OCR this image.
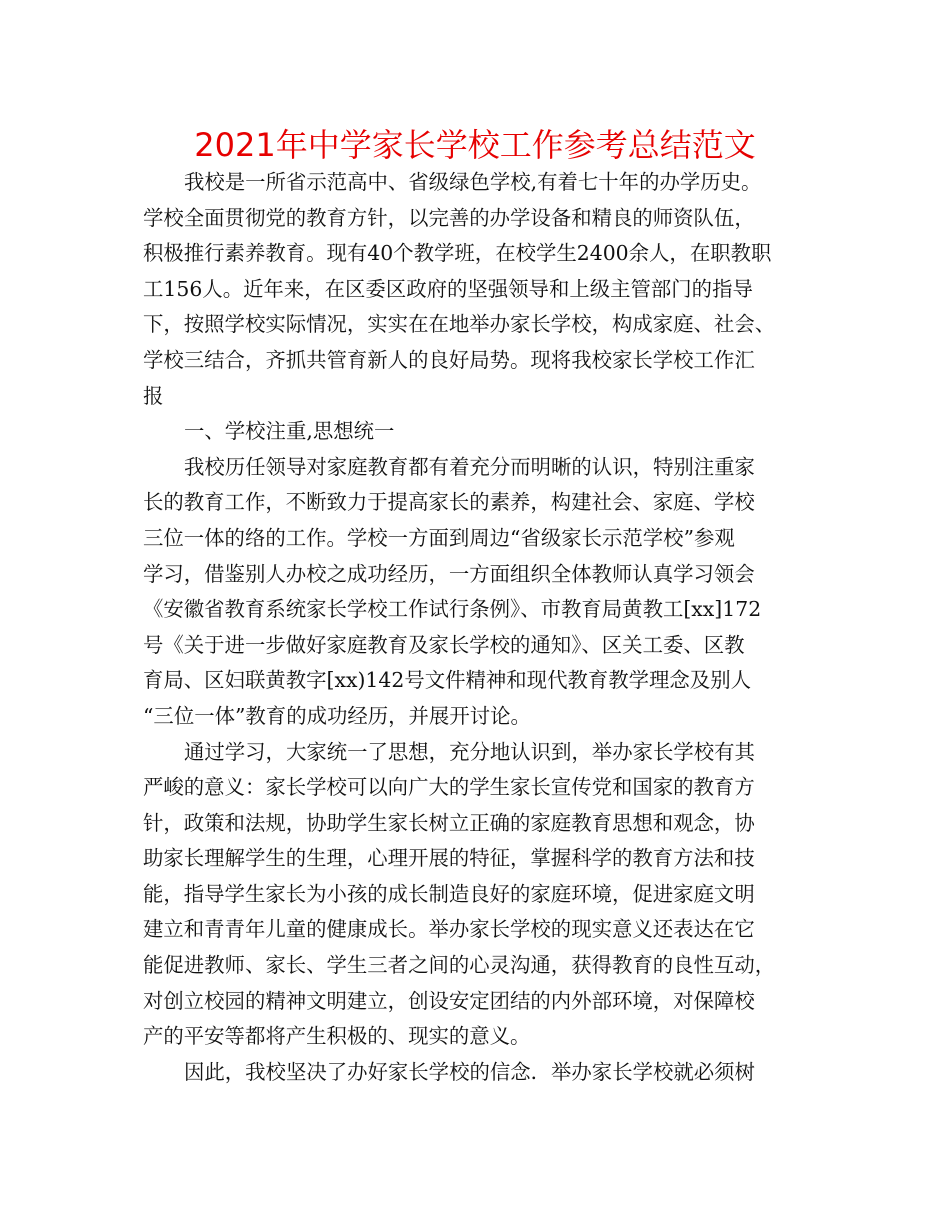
2021年中学家长学校工作参考总结范文
我校是一所省示范高中、省级绿色学校,有着七十年的办学历史。
学校全面贯彻党的教育方针，以完善的办学设备和精良的师资队伍，
积极推行素养教育。现有40个教学班，在校学生2400余人，在职教职
工156人。近年来，在区委区政府的坚强领导和上级主管部门的指导
下，按照学校实际情况，实实在在地举办家长学校，构成家庭、社会、
学校三结合，齐抓共管育新人的良好局势。现将我校家长学校工作汇
报
一、学校注重,思想统一
我校历任领导对家庭教育都有着充分而明晰的认识，特别注重家
长的教育工作，不断致力于提高家长的素养，构建社会、家庭、学校
三位一体的络的工作。学校一方面到周边“省级家长示范学校”参观
学习，借鉴别人办校之成功经历，一方面组织全体教师认真学习领会
《安徽省教育系统家长学校工作试行条例》、市教育局黄教工[xx]172
号《关于进一步做好家庭教育及家长学校的通知》、区关工委、区教
育局、区妇联黄教字[xx)142号文件精神和现代教育教学理念及别人
“三位一体”教育的成功经历，并展开讨论。
通过学习，大家统一了思想，充分地认识到，举办家长学校有其
严峻的意义：家长学校可以向广大的学生家长宣传党和国家的教育方
针，政策和法规，协助学生家长树立正确的家庭教育思想和观念，协
助家长理解学生的生理，心理开展的特征，掌握科学的教育方法和技
能，指导学生家长为小孩的成长制造良好的家庭环境，促进家庭文明
建立和青青年儿童的健康成长。举办家长学校的现实意义还表达在它
能促进教师、家长、学生三者之间的心灵沟通，获得教育的良性互动，
对创立校园的精神文明建立，创设安定团结的内外部环境，对保障校
产的平安等都将产生积极的、现实的意义。
因此，我校坚决了办好家长学校的信念．举办家长学校就必须树
